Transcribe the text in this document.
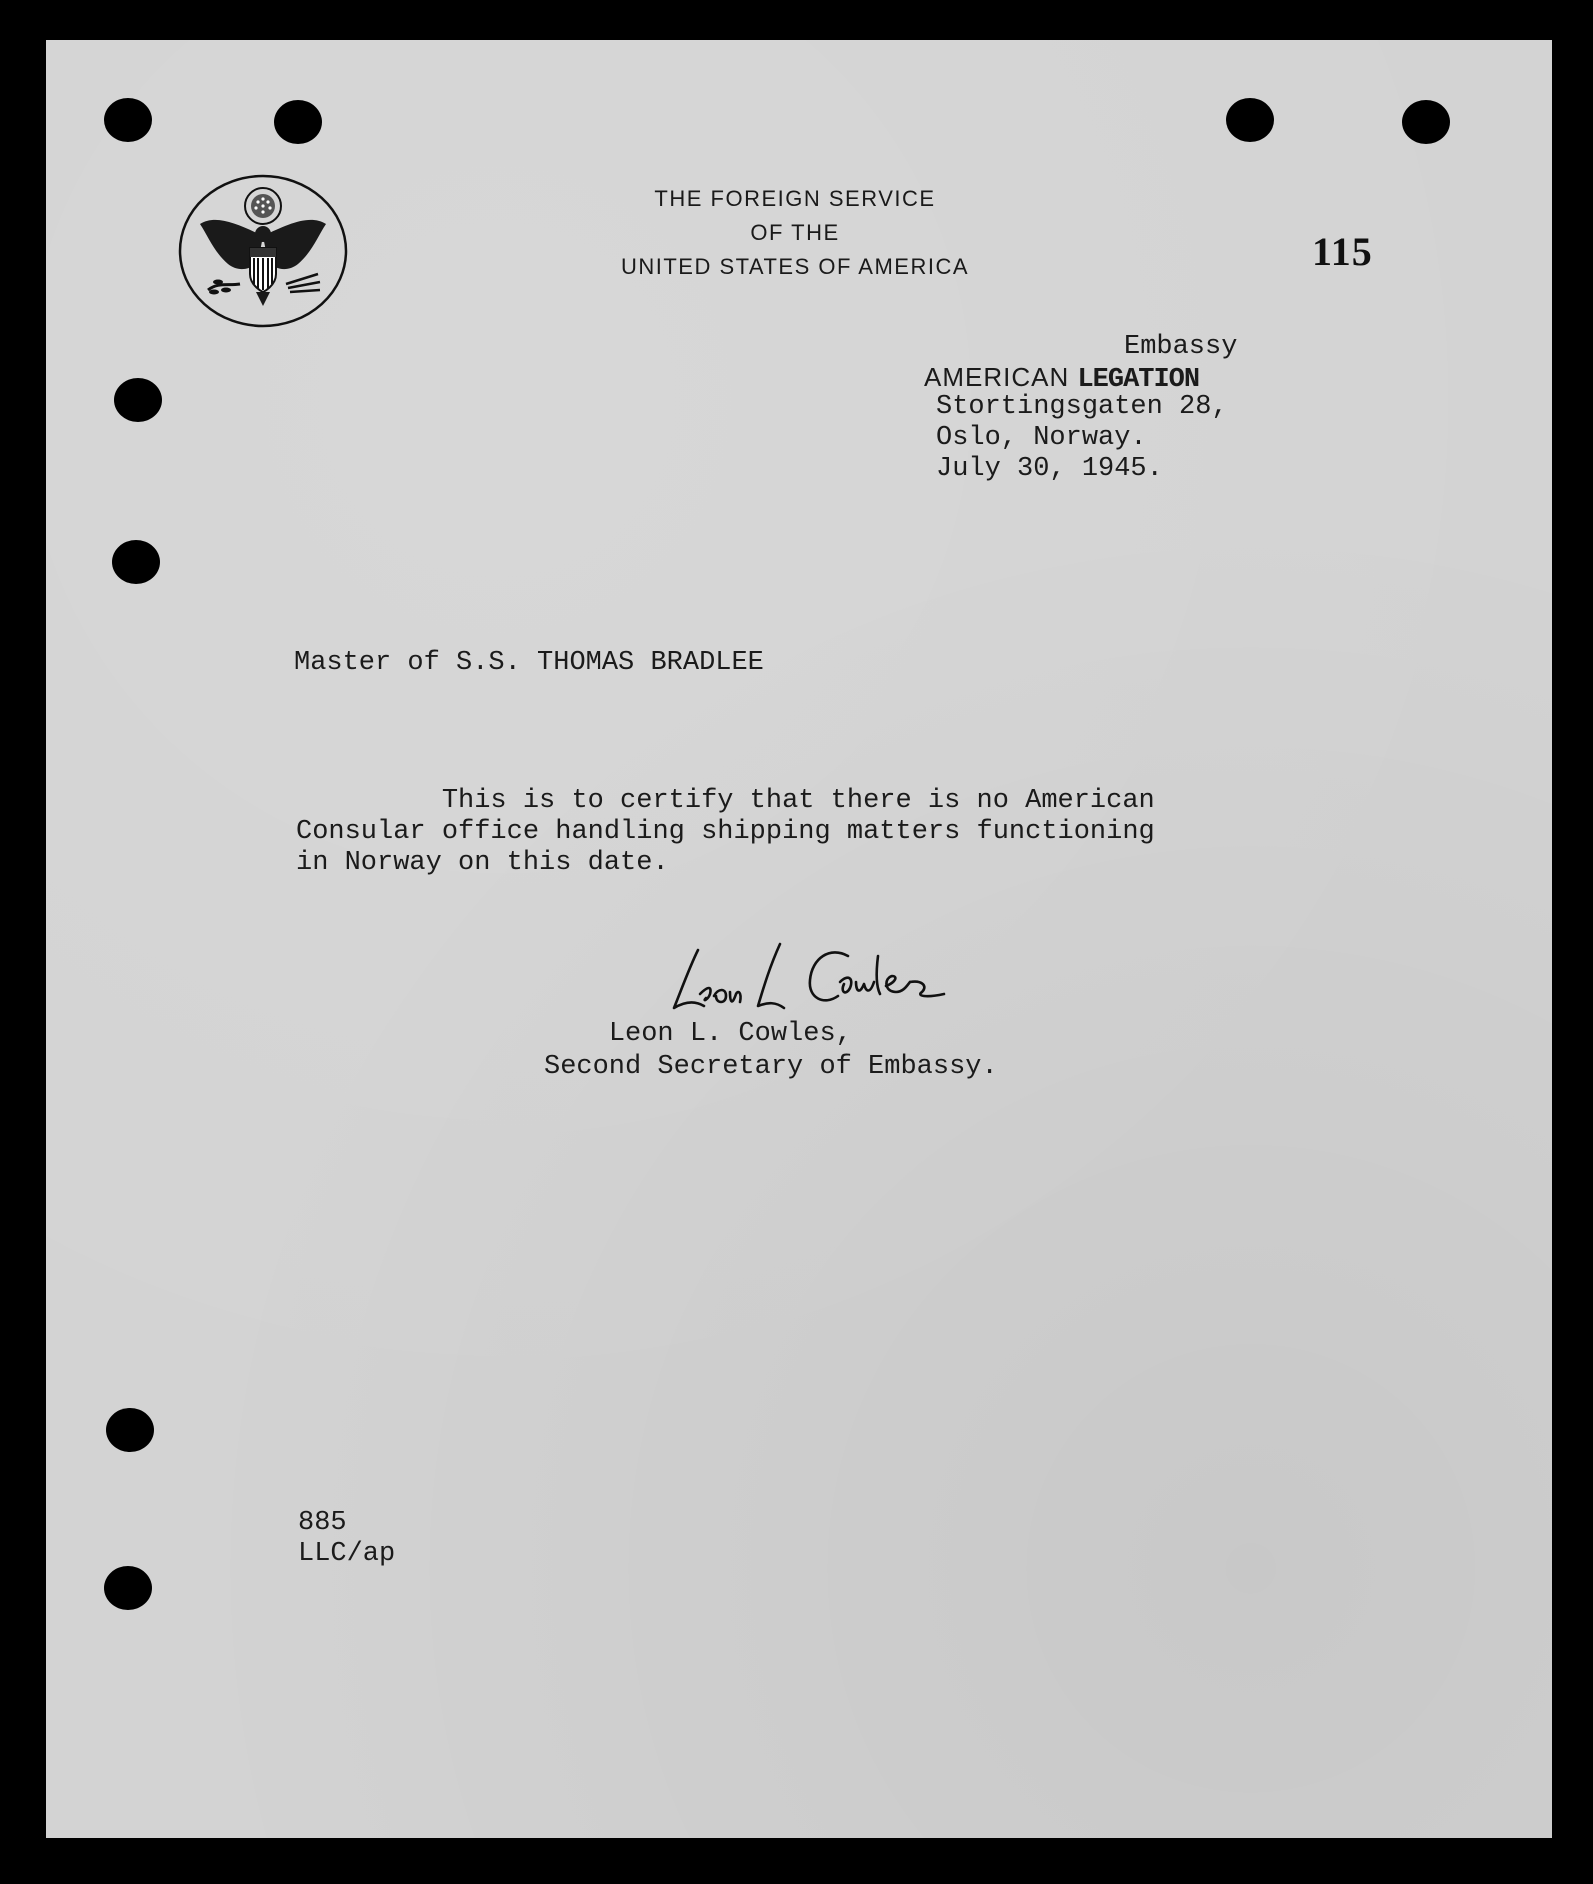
THE FOREIGN SERVICE
OF THE
UNITED STATES OF AMERICA	115
Embassy
AMERICAN LEGATION
Stortingsgaten 28,
Oslo, Norway.
July 30, 1945.
Master of S.S. THOMAS BRADLEE
This is to certify that there is no American
Consular office handling shipping matters functioning
in Norway on this date.
Leon L. Cowles,
Second Secretary of Embassy.
885
LLC/ap
